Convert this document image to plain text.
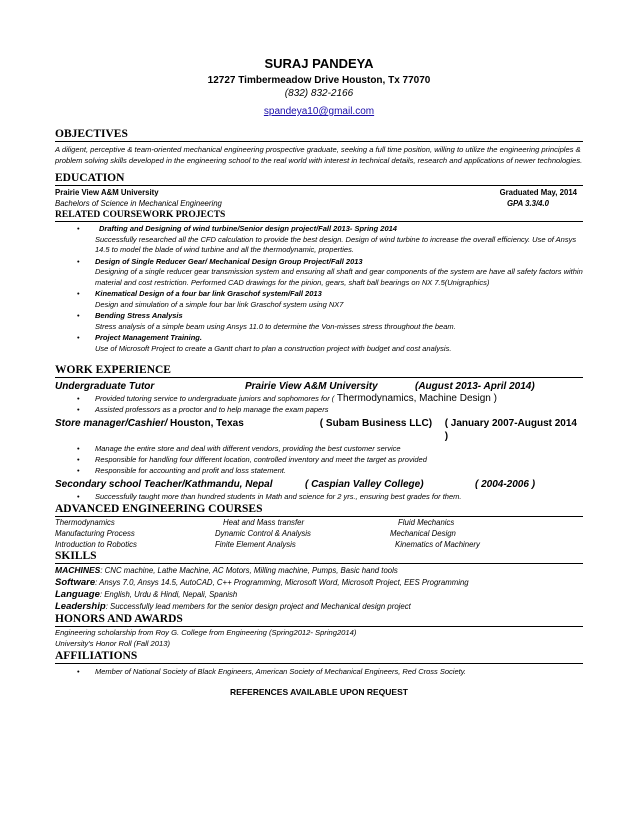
SURAJ PANDEYA
12727 Timbermeadow Drive Houston, Tx 77070
(832) 832-2166
spandeya10@gmail.com
OBJECTIVES
A diligent, perceptive & team-oriented mechanical engineering prospective graduate, seeking a full time position, willing to utilize the engineering principles & problem solving skills developed in the engineering school to the real world with interest in technical details, research and applications of newer technologies.
EDUCATION
Prairie View A&M University	Graduated May, 2014
Bachelors of Science in Mechanical Engineering	GPA 3.3/4.0
RELATED COURSEWORK PROJECTS
•	Drafting and Designing of wind turbine/Senior design project/Fall 2013- Spring 2014
Successfully researched all the CFD calculation to provide the best design. Design of wind turbine to increase the overall efficiency. Use of Ansys 14.5 to model the blade of wind turbine and all the thermodynamic, properties.
• Design of Single Reducer Gear/ Mechanical Design Group Project/Fall 2013
Designing of a single reducer gear transmission system and ensuring all shaft and gear components of the system are have all safety factors within material and cost restriction. Performed CAD drawings for the pinion, gears, shaft ball bearings on NX 7.5(Unigraphics)
• Kinematical Design of a four bar link Graschof system/Fall 2013
Design and simulation of a simple four bar link Graschof system using NX7
• Bending Stress Analysis
Stress analysis of a simple beam using Ansys 11.0 to determine the Von-misses stress throughout the beam.
• Project Management Training.
Use of Microsoft Project to create a Gantt chart to plan a construction project with budget and cost analysis.
WORK EXPERIENCE
Undergraduate Tutor	Prairie View A&M University	(August 2013- April 2014)
• Provided tutoring service to undergraduate juniors and sophomores for ( Thermodynamics, Machine Design )
• Assisted professors as a proctor and to help manage the exam papers
Store manager/Cashier/ Houston, Texas	( Subam Business LLC)	( January 2007-August 2014 )
• Manage the entire store and deal with different vendors, providing the best customer service
• Responsible for handling four different location, controlled inventory and meet the target as provided
• Responsible for accounting and profit and loss statement.
Secondary school Teacher/Kathmandu, Nepal	( Caspian Valley College)	( 2004-2006 )
• Successfully taught more than hundred students in Math and science for 2 yrs., ensuring best grades for them.
ADVANCED ENGINEERING COURSES
Thermodynamics	Heat and Mass transfer	Fluid Mechanics
Manufacturing Process	Dynamic Control & Analysis	Mechanical Design
Introduction to Robotics	Finite Element Analysis	Kinematics of Machinery
SKILLS
MACHINES: CNC machine, Lathe Machine, AC Motors, Milling machine, Pumps, Basic hand tools
Software: Ansys 7.0, Ansys 14.5, AutoCAD, C++ Programming, Microsoft Word, Microsoft Project, EES Programming
Language: English, Urdu & Hindi, Nepali, Spanish
Leadership: Successfully lead members for the senior design project and Mechanical design project
HONORS AND AWARDS
Engineering scholarship from Roy G. College from Engineering (Spring2012- Spring2014)
University's Honor Roll (Fall 2013)
AFFILIATIONS
• Member of National Society of Black Engineers, American Society of Mechanical Engineers, Red Cross Society.
REFERENCES AVAILABLE UPON REQUEST
